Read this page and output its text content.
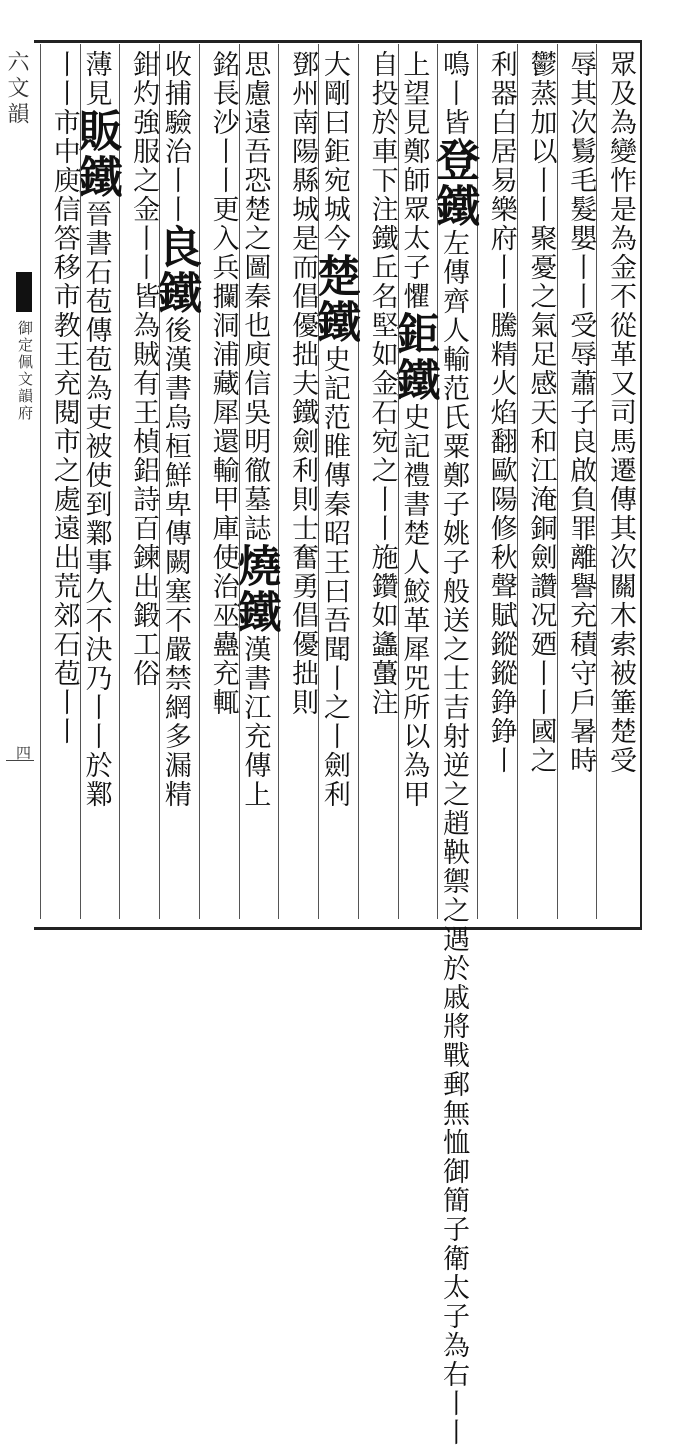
六文韻
御定佩文韻府
四	眾及為變怍是為金不從革又司馬遷傳其次關木索被箠楚受
辱其次鬄毛髮嬰丨丨受辱蕭子良啟負罪離譽充積守戶暑時
鬱蒸加以丨丨聚憂之氣足感天和江淹銅劍讚况廼丨丨國之
利器白居易樂府丨丨騰精火焰翻歐陽修秋聲賦鏦鏦錚錚丨
鳴丨皆登鐵左傳齊人輸范氏粟鄭子姚子般送之士吉射逆之趙鞅禦之遇於戚將戰郵無恤御簡子衛太子為右丨丨
上望見鄭師眾太子懼鉅鐵史記禮書楚人鮫革犀兕所以為甲
自投於車下注鐵丘名堅如金石宛之丨丨施鑽如蠭蠆注
大剛曰鉅宛城今楚鐵史記范睢傳秦昭王曰吾聞丨之丨劍利
鄧州南陽縣城是而倡優拙夫鐵劍利則士奮勇倡優拙則
思慮遠吾恐楚之圖秦也庾信吳明徹墓誌燒鐵漢書江充傳上
銘長沙丨丨更入兵攔洞浦藏犀還輸甲庫使治巫蠱充輒
收捕驗治丨丨良鐵後漢書烏桓鮮卑傳闕塞不嚴禁網多漏精
鉗灼強服之金丨丨皆為賊有王楨鋁詩百鍊出鍛工俗
薄見販鐵晉書石苞傳苞為吏被使到鄴事久不決乃丨丨於鄴
丨丨市中庾信答移市教王充閱市之處遠出荒郊石苞丨丨
